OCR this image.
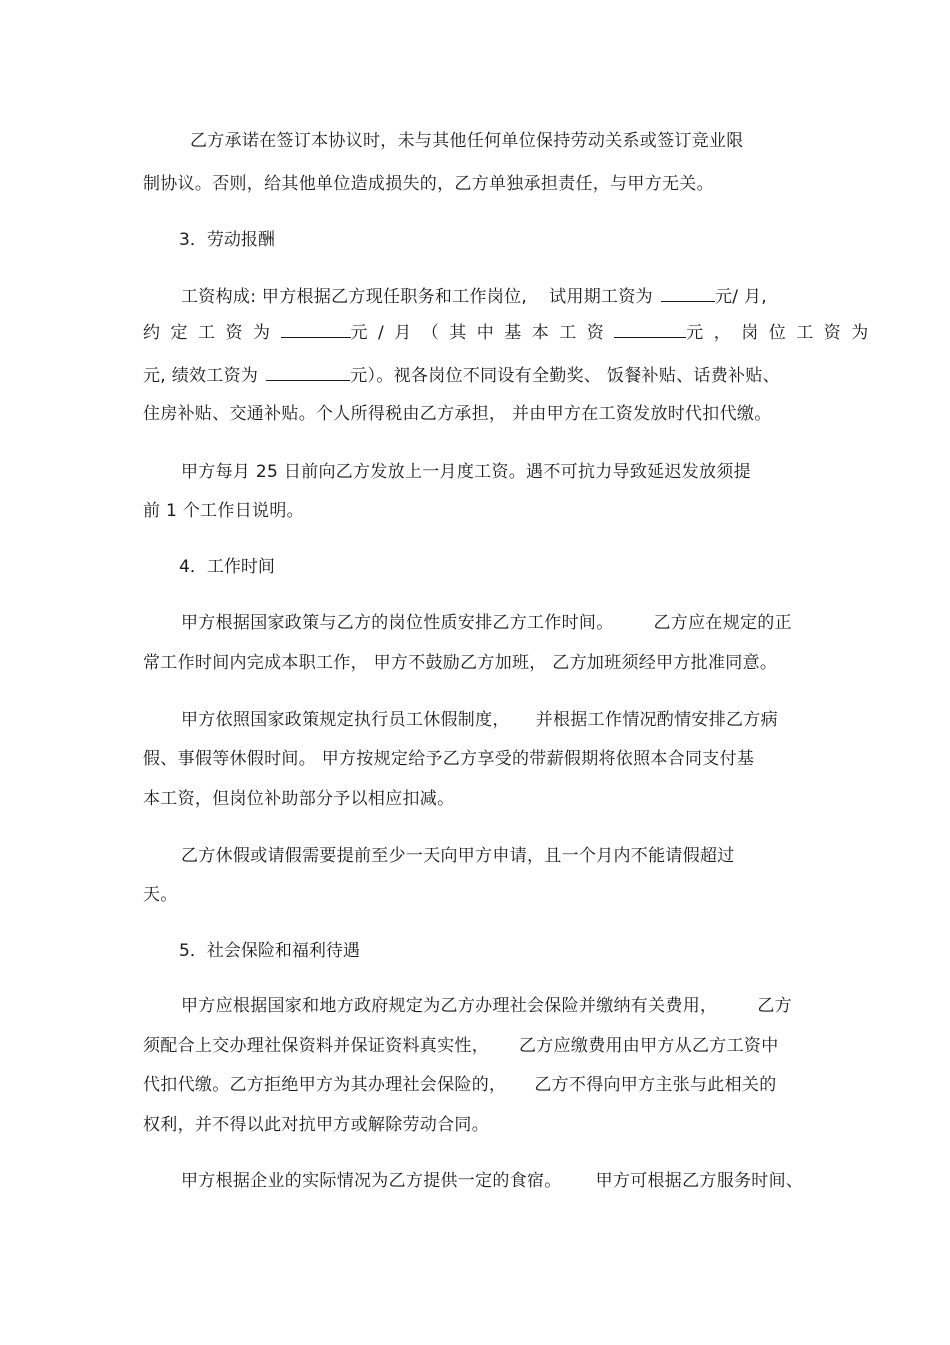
乙方承诺在签订本协议时，未与其他任何单位保持劳动关系或签订竞业限
制协议。否则，给其他单位造成损失的，乙方单独承担责任，与甲方无关。
3．劳动报酬
工资构成: 甲方根据乙方现任职务和工作岗位, 试用期工资为	元/ 月,
约定工资为	元/月（其中基本工资	元，岗位工资为
元, 绩效工资为	元）。视各岗位不同设有全勤奖、 饭餐补贴、话费补贴、
住房补贴、交通补贴。个人所得税由乙方承担， 并由甲方在工资发放时代扣代缴。
甲方每月 25 日前向乙方发放上一月度工资。遇不可抗力导致延迟发放须提
前 1 个工作日说明。
4．工作时间
甲方根据国家政策与乙方的岗位性质安排乙方工作时间。 乙方应在规定的正
常工作时间内完成本职工作， 甲方不鼓励乙方加班， 乙方加班须经甲方批准同意。
甲方依照国家政策规定执行员工休假制度， 并根据工作情况酌情安排乙方病
假、事假等休假时间。 甲方按规定给予乙方享受的带薪假期将依照本合同支付基
本工资，但岗位补助部分予以相应扣减。
乙方休假或请假需要提前至少一天向甲方申请，且一个月内不能请假超过
天。
5．社会保险和福利待遇
甲方应根据国家和地方政府规定为乙方办理社会保险并缴纳有关费用， 乙方
须配合上交办理社保资料并保证资料真实性， 乙方应缴费用由甲方从乙方工资中
代扣代缴。乙方拒绝甲方为其办理社会保险的， 乙方不得向甲方主张与此相关的
权利，并不得以此对抗甲方或解除劳动合同。
甲方根据企业的实际情况为乙方提供一定的食宿。 甲方可根据乙方服务时间、
